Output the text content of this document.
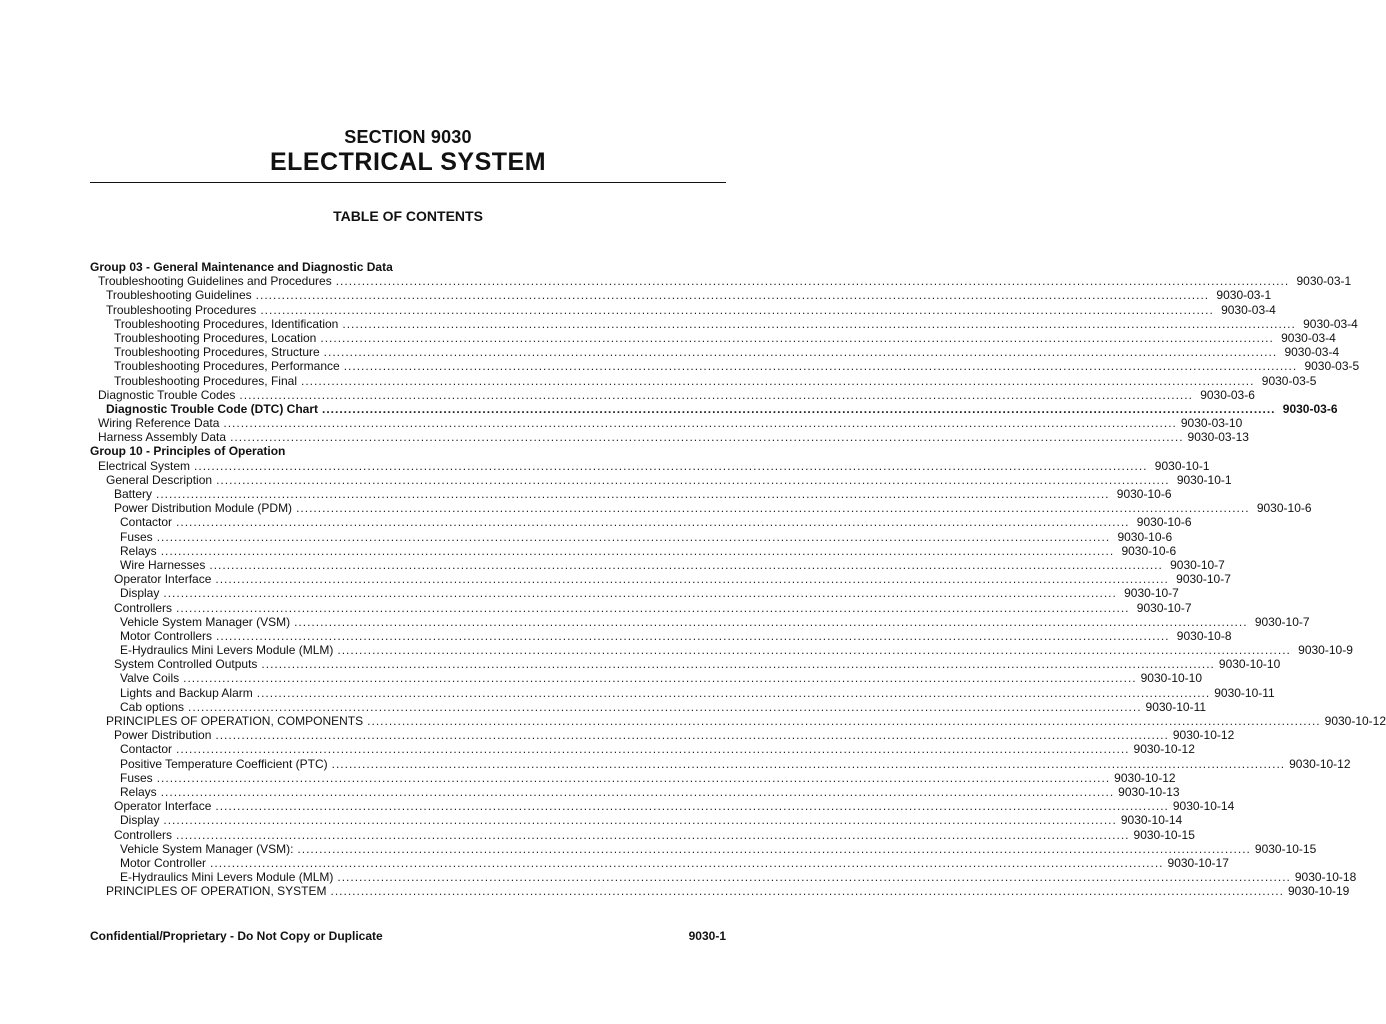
SECTION 9030
ELECTRICAL SYSTEM
TABLE OF CONTENTS
Group 03 - General Maintenance and Diagnostic Data
Troubleshooting Guidelines and Procedures ............................................................................................................................................................................................................................ 9030-03-1
Troubleshooting Guidelines ............................................................................................................................................................................................................................ 9030-03-1
Troubleshooting Procedures ............................................................................................................................................................................................................................ 9030-03-4
Troubleshooting Procedures, Identification ............................................................................................................................................................................................................................ 9030-03-4
Troubleshooting Procedures, Location ............................................................................................................................................................................................................................ 9030-03-4
Troubleshooting Procedures, Structure ............................................................................................................................................................................................................................ 9030-03-4
Troubleshooting Procedures, Performance ............................................................................................................................................................................................................................ 9030-03-5
Troubleshooting Procedures, Final ............................................................................................................................................................................................................................ 9030-03-5
Diagnostic Trouble Codes ............................................................................................................................................................................................................................ 9030-03-6
Diagnostic Trouble Code (DTC) Chart ............................................................................................................................................................................................................................ 9030-03-6
Wiring Reference Data ............................................................................................................................................................................................................................ 9030-03-10
Harness Assembly Data ............................................................................................................................................................................................................................ 9030-03-13
Group 10 - Principles of Operation
Electrical System ............................................................................................................................................................................................................................ 9030-10-1
General Description ............................................................................................................................................................................................................................ 9030-10-1
Battery ............................................................................................................................................................................................................................ 9030-10-6
Power Distribution Module (PDM) ............................................................................................................................................................................................................................ 9030-10-6
Contactor ............................................................................................................................................................................................................................ 9030-10-6
Fuses ............................................................................................................................................................................................................................ 9030-10-6
Relays ............................................................................................................................................................................................................................ 9030-10-6
Wire Harnesses ............................................................................................................................................................................................................................ 9030-10-7
Operator Interface ............................................................................................................................................................................................................................ 9030-10-7
Display ............................................................................................................................................................................................................................ 9030-10-7
Controllers ............................................................................................................................................................................................................................ 9030-10-7
Vehicle System Manager (VSM) ............................................................................................................................................................................................................................ 9030-10-7
Motor Controllers ............................................................................................................................................................................................................................ 9030-10-8
E-Hydraulics Mini Levers Module (MLM) ............................................................................................................................................................................................................................ 9030-10-9
System Controlled Outputs ............................................................................................................................................................................................................................ 9030-10-10
Valve Coils ............................................................................................................................................................................................................................ 9030-10-10
Lights and Backup Alarm ............................................................................................................................................................................................................................ 9030-10-11
Cab options ............................................................................................................................................................................................................................ 9030-10-11
PRINCIPLES OF OPERATION, COMPONENTS ............................................................................................................................................................................................................................ 9030-10-12
Power Distribution ............................................................................................................................................................................................................................ 9030-10-12
Contactor ............................................................................................................................................................................................................................ 9030-10-12
Positive Temperature Coefficient (PTC) ............................................................................................................................................................................................................................ 9030-10-12
Fuses ............................................................................................................................................................................................................................ 9030-10-12
Relays ............................................................................................................................................................................................................................ 9030-10-13
Operator Interface ............................................................................................................................................................................................................................ 9030-10-14
Display ............................................................................................................................................................................................................................ 9030-10-14
Controllers ............................................................................................................................................................................................................................ 9030-10-15
Vehicle System Manager (VSM): ............................................................................................................................................................................................................................ 9030-10-15
Motor Controller ............................................................................................................................................................................................................................ 9030-10-17
E-Hydraulics Mini Levers Module (MLM) ............................................................................................................................................................................................................................ 9030-10-18
PRINCIPLES OF OPERATION, SYSTEM ............................................................................................................................................................................................................................ 9030-10-19
Confidential/Proprietary - Do Not Copy or Duplicate	9030-1
